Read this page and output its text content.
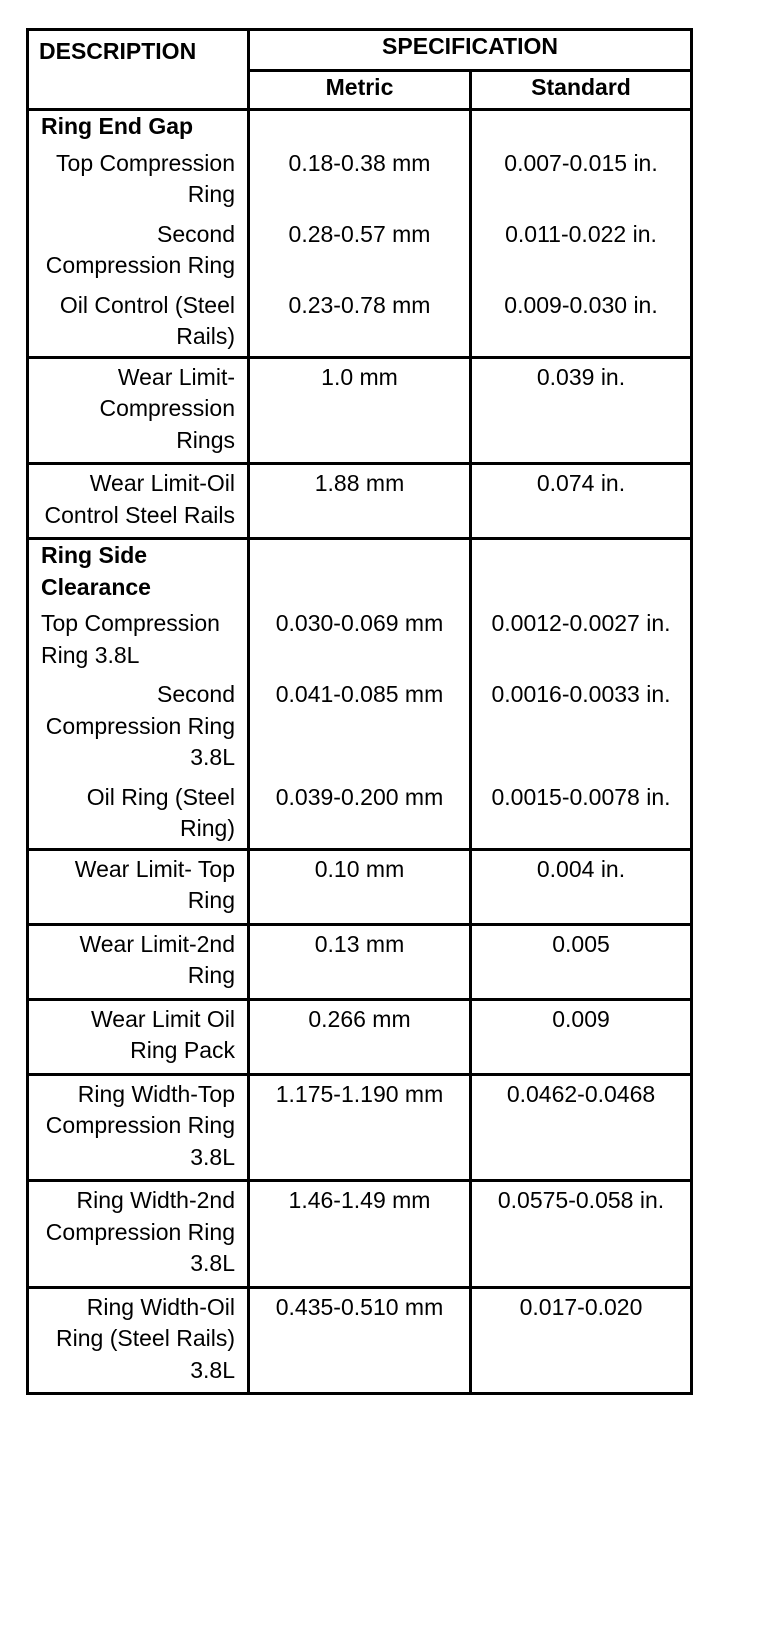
DESCRIPTION	SPECIFICATION	
	Metric	Standard
Ring End Gap		
Top Compression Ring	0.18-0.38 mm	0.007-0.015 in.
Second Compression Ring	0.28-0.57 mm	0.011-0.022 in.
Oil Control (Steel Rails)	0.23-0.78 mm	0.009-0.030 in.
Wear Limit-Compression Rings	1.0 mm	0.039 in.
Wear Limit-Oil Control Steel Rails	1.88 mm	0.074 in.
Ring Side Clearance		
Top Compression Ring 3.8L	0.030-0.069 mm	0.0012-0.0027 in.
Second Compression Ring 3.8L	0.041-0.085 mm	0.0016-0.0033 in.
Oil Ring (Steel Ring)	0.039-0.200 mm	0.0015-0.0078 in.
Wear Limit- Top Ring	0.10 mm	0.004 in.
Wear Limit-2nd Ring	0.13 mm	0.005
Wear Limit Oil Ring Pack	0.266 mm	0.009
Ring Width-Top Compression Ring 3.8L	1.175-1.190 mm	0.0462-0.0468
Ring Width-2nd Compression Ring 3.8L	1.46-1.49 mm	0.0575-0.058 in.
Ring Width-Oil Ring (Steel Rails) 3.8L	0.435-0.510 mm	0.017-0.020
